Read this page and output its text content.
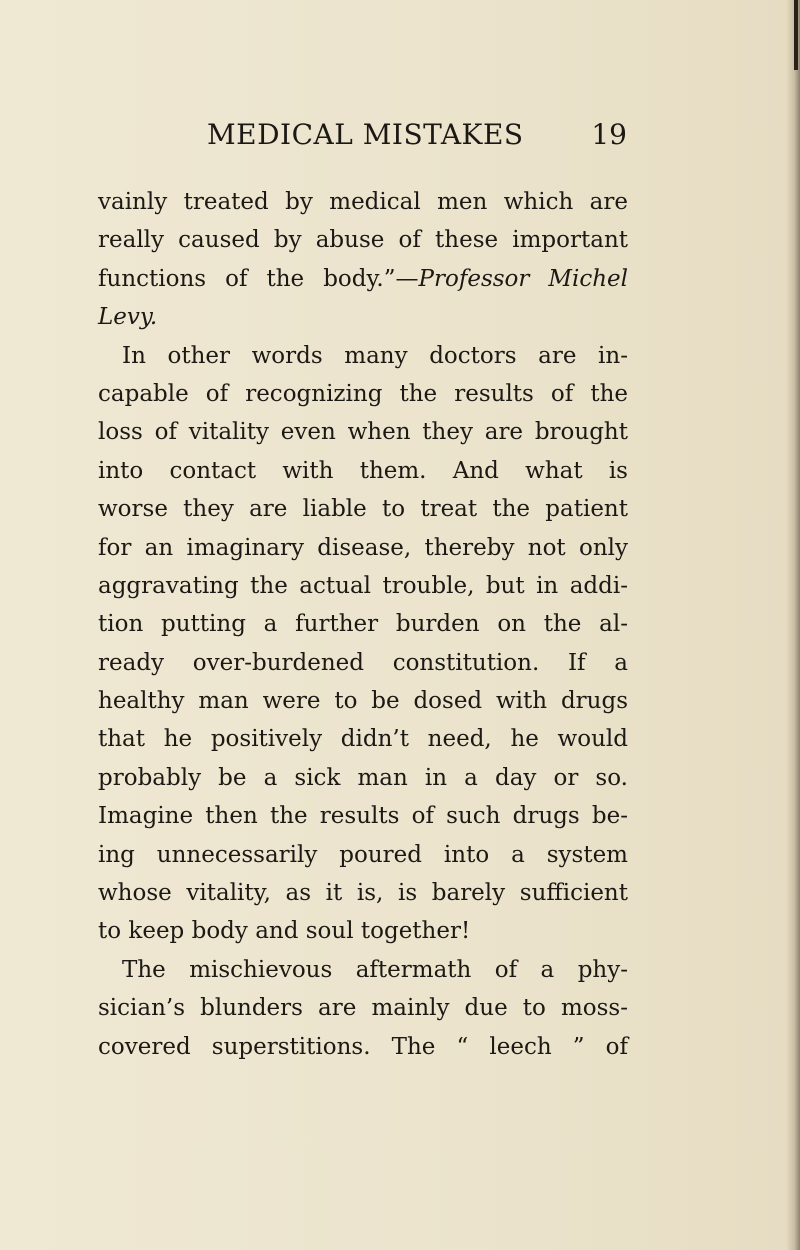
MEDICAL MISTAKES 19
vainly treated by medical men which are
really caused by abuse of these important
functions of the body.”—Professor Michel
Levy.
In other words many doctors are in-
capable of recognizing the results of the
loss of vitality even when they are brought
into contact with them. And what is
worse they are liable to treat the patient
for an imaginary disease, thereby not only
aggravating the actual trouble, but in addi-
tion putting a further burden on the al-
ready over-burdened constitution. If a
healthy man were to be dosed with drugs
that he positively didn’t need, he would
probably be a sick man in a day or so.
Imagine then the results of such drugs be-
ing unnecessarily poured into a system
whose vitality, as it is, is barely sufficient
to keep body and soul together!
The mischievous aftermath of a phy-
sician’s blunders are mainly due to moss-
covered superstitions. The “ leech ” of
